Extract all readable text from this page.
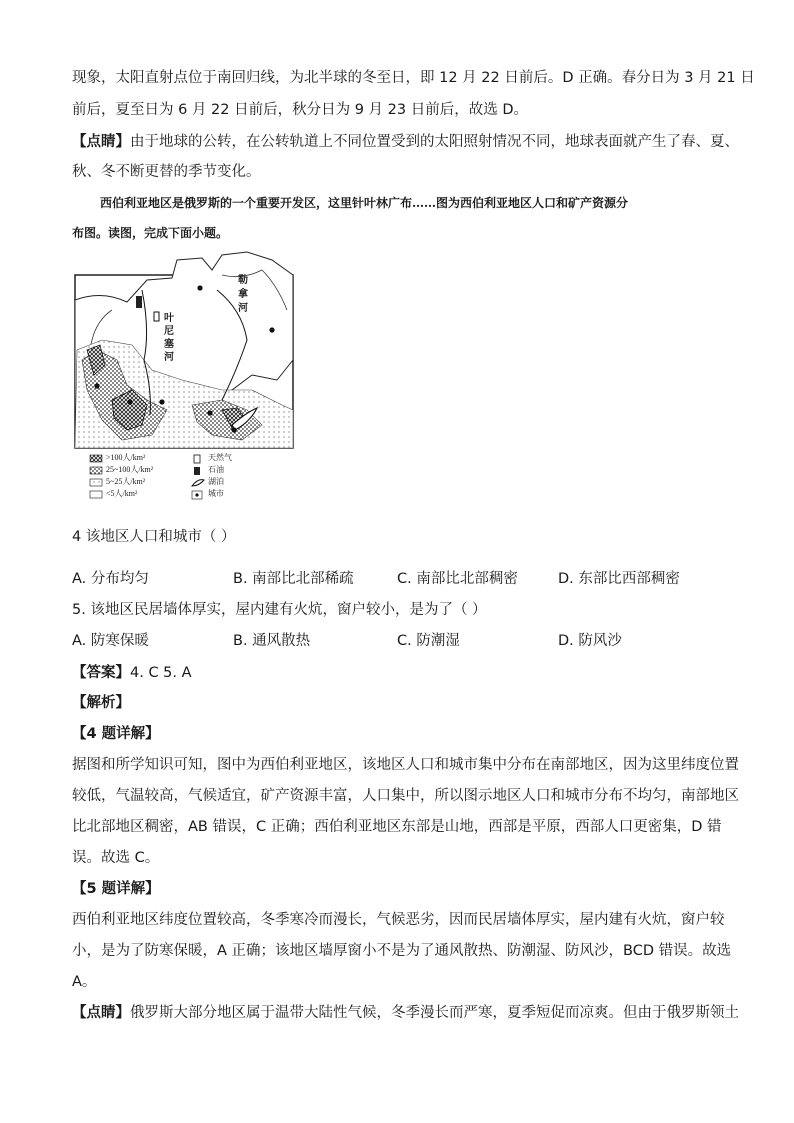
现象，太阳直射点位于南回归线，为北半球的冬至日，即 12 月 22 日前后。D 正确。春分日为 3 月 21 日
前后，夏至日为 6 月 22 日前后，秋分日为 9 月 23 日前后，故选 D。
【点睛】由于地球的公转，在公转轨道上不同位置受到的太阳照射情况不同，地球表面就产生了春、夏、
秋、冬不断更替的季节变化。
西伯利亚地区是俄罗斯的一个重要开发区，这里针叶林广布……图为西伯利亚地区人口和矿产资源分
布图。读图，完成下面小题。
叶
尼
塞
河
勒
拿
河
>100人/km²
25~100人/km²
5~25人/km²
<5人/km²
天然气
石油
湖泊
城市
4 该地区人口和城市（ ）
A. 分布均匀	B. 南部比北部稀疏	C. 南部比北部稠密	D. 东部比西部稠密
5. 该地区民居墙体厚实，屋内建有火炕，窗户较小，是为了（ ）
A. 防寒保暖	B. 通风散热	C. 防潮湿	D. 防风沙
【答案】4. C 5. A
【解析】
【4 题详解】
据图和所学知识可知，图中为西伯利亚地区，该地区人口和城市集中分布在南部地区，因为这里纬度位置
较低，气温较高，气候适宜，矿产资源丰富，人口集中，所以图示地区人口和城市分布不均匀，南部地区
比北部地区稠密，AB 错误，C 正确；西伯利亚地区东部是山地，西部是平原，西部人口更密集，D 错
误。故选 C。
【5 题详解】
西伯利亚地区纬度位置较高，冬季寒冷而漫长，气候恶劣，因而民居墙体厚实，屋内建有火炕，窗户较
小，是为了防寒保暖，A 正确；该地区墙厚窗小不是为了通风散热、防潮湿、防风沙，BCD 错误。故选
A。
【点睛】俄罗斯大部分地区属于温带大陆性气候，冬季漫长而严寒，夏季短促而凉爽。但由于俄罗斯领土
